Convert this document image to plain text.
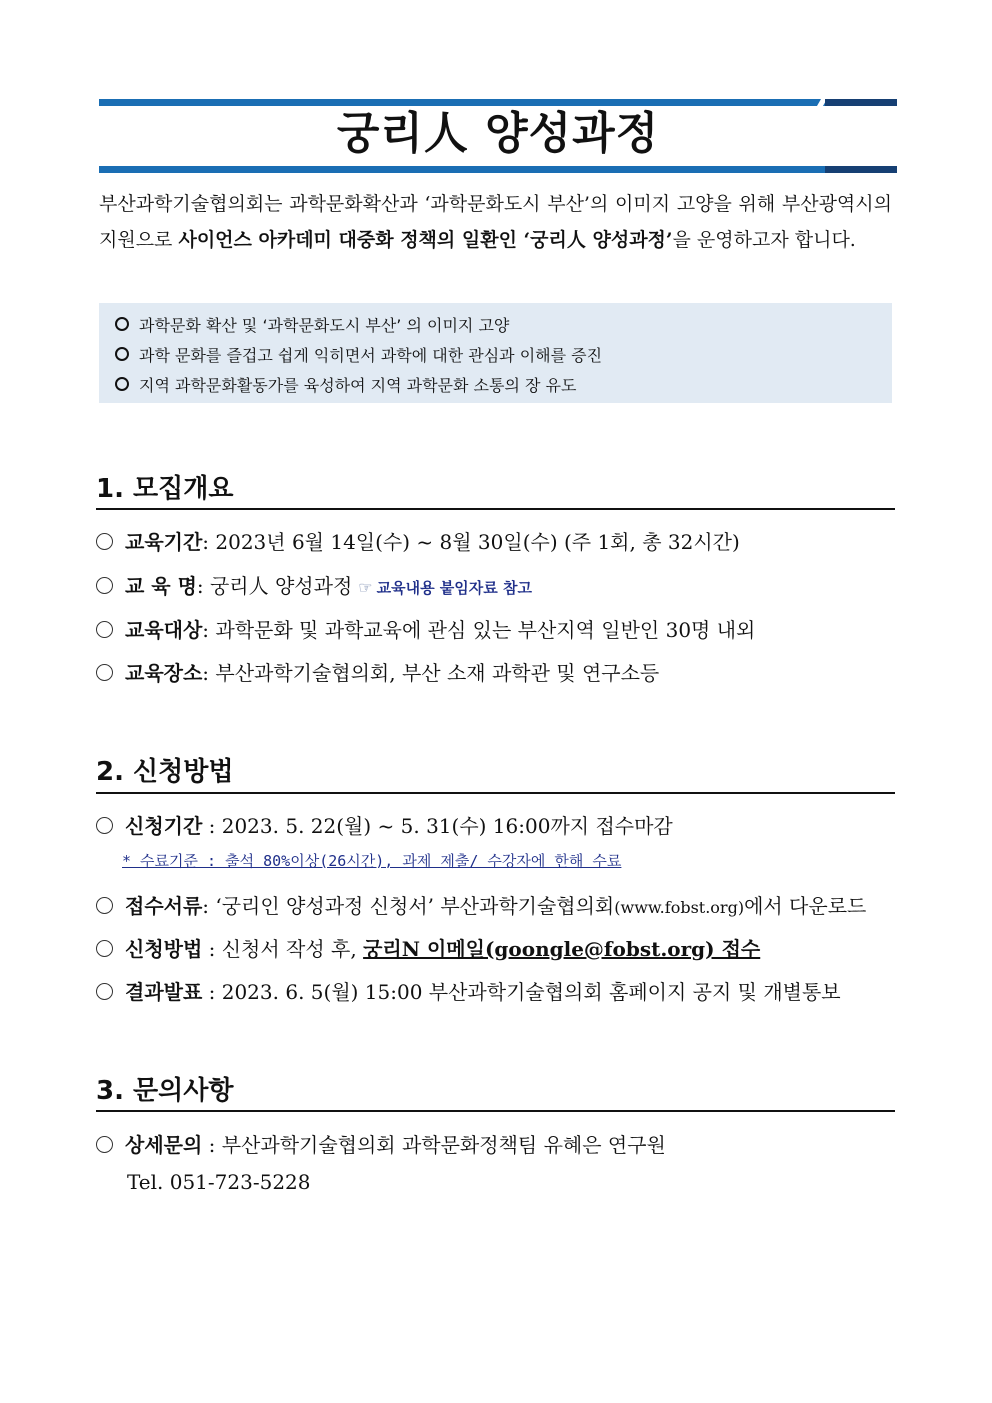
궁리人 양성과정
부산과학기술협의회는 과학문화확산과 ‘과학문화도시 부산’의 이미지 고양을 위해 부산광역시의 지원으로 사이언스 아카데미 대중화 정책의 일환인 ‘궁리人 양성과정’을 운영하고자 합니다.
과학문화 확산 및 ‘과학문화도시 부산’ 의 이미지 고양
과학 문화를 즐겁고 쉽게 익히면서 과학에 대한 관심과 이해를 증진
지역 과학문화활동가를 육성하여 지역 과학문화 소통의 장 유도
1. 모집개요
교육기간: 2023년 6월 14일(수) ~ 8월 30일(수) (주 1회, 총 32시간)
교 육 명: 궁리人 양성과정 ☞ 교육내용 붙임자료 참고
교육대상: 과학문화 및 과학교육에 관심 있는 부산지역 일반인 30명 내외
교육장소: 부산과학기술협의회, 부산 소재 과학관 및 연구소등
2. 신청방법
신청기간 : 2023. 5. 22(월) ~ 5. 31(수) 16:00까지 접수마감
* 수료기준 : 출석 80%이상(26시간), 과제 제출/ 수강자에 한해 수료
접수서류: ‘궁리인 양성과정 신청서’ 부산과학기술협의회(www.fobst.org)에서 다운로드
신청방법 : 신청서 작성 후, 궁리N 이메일(goongle@fobst.org) 접수
결과발표 : 2023. 6. 5(월) 15:00 부산과학기술협의회 홈페이지 공지 및 개별통보
3. 문의사항
상세문의 : 부산과학기술협의회 과학문화정책팀 유혜은 연구원
Tel. 051-723-5228
